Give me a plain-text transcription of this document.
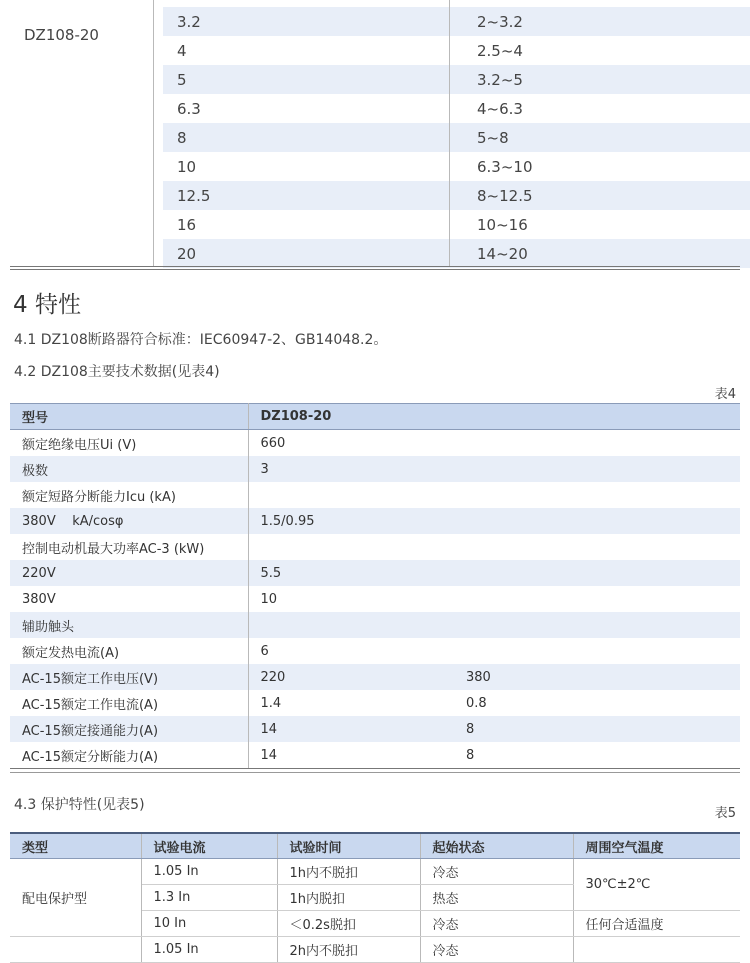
3.2	2~3.2
4	2.5~4
5	3.2~5
6.3	4~6.3
8	5~8
10	6.3~10
12.5	8~12.5
16	10~16
20	14~20
DZ108-20
4 特性
4.1 DZ108断路器符合标准：IEC60947-2、GB14048.2。
4.2 DZ108主要技术数据(见表4)
表4
型号	DZ108-20	
额定绝缘电压Ui (V)	660	
极数	3	
额定短路分断能力Icu (kA)		
380V    kA/cosφ	1.5/0.95	
控制电动机最大功率AC-3 (kW)		
220V	5.5	
380V	10	
辅助触头		
额定发热电流(A)	6	
AC-15额定工作电压(V)	220	380
AC-15额定工作电流(A)	1.4	0.8
AC-15额定接通能力(A)	14	8
AC-15额定分断能力(A)	14	8
4.3 保护特性(见表5)
表5
类型	试验电流	试验时间	起始状态	周围空气温度
配电保护型	1.05 In	1h内不脱扣	冷态	30℃±2℃
	1.3 In	1h内脱扣	热态	
	10 In	＜0.2s脱扣	冷态	任何合适温度
	1.05 In	2h内不脱扣	冷态	
